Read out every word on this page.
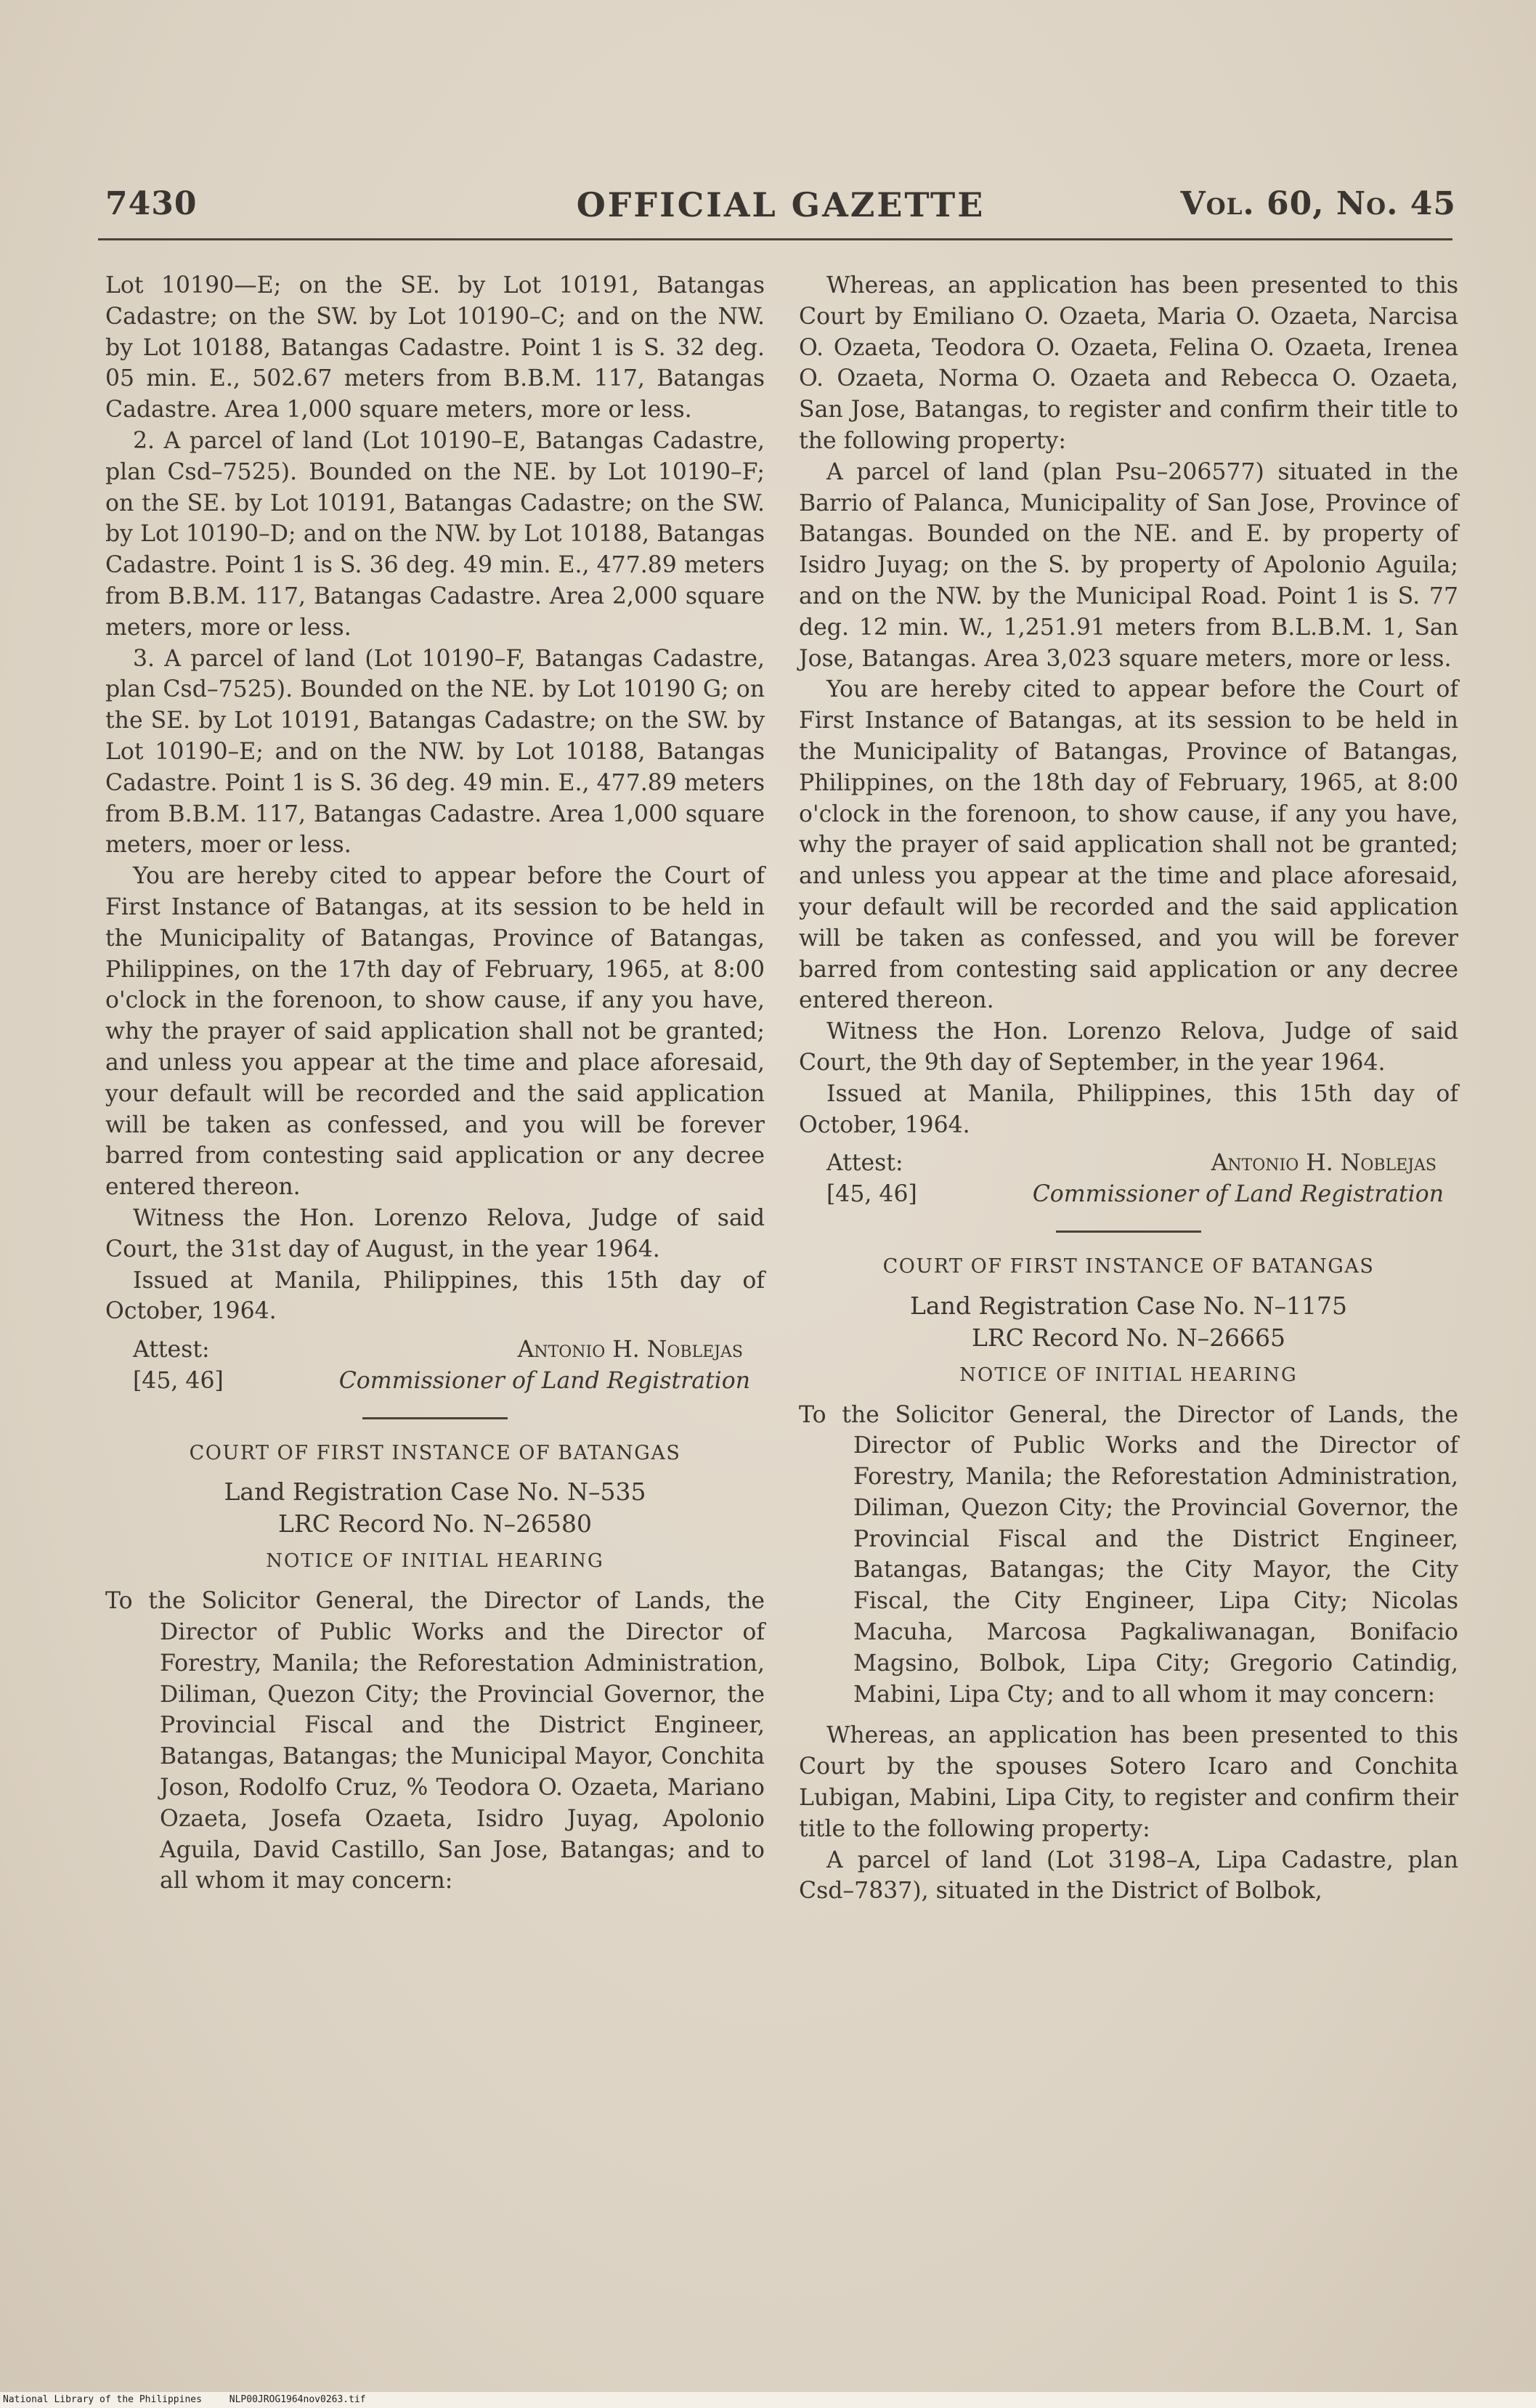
7430	OFFICIAL GAZETTE	Vol. 60, No. 45

Lot 10190—E; on the SE. by Lot 10191, Batangas Cadastre; on the SW. by Lot 10190–C; and on the NW. by Lot 10188, Batangas Cadastre. Point 1 is S. 32 deg. 05 min. E., 502.67 meters from B.B.M. 117, Batangas Cadastre. Area 1,000 square meters, more or less.

2. A parcel of land (Lot 10190–E, Batangas Cadastre, plan Csd–7525). Bounded on the NE. by Lot 10190–F; on the SE. by Lot 10191, Batangas Cadastre; on the SW. by Lot 10190–D; and on the NW. by Lot 10188, Batangas Cadastre. Point 1 is S. 36 deg. 49 min. E., 477.89 meters from B.B.M. 117, Batangas Cadastre. Area 2,000 square meters, more or less.

3. A parcel of land (Lot 10190–F, Batangas Cadastre, plan Csd–7525). Bounded on the NE. by Lot 10190 G; on the SE. by Lot 10191, Batangas Cadastre; on the SW. by Lot 10190–E; and on the NW. by Lot 10188, Batangas Cadastre. Point 1 is S. 36 deg. 49 min. E., 477.89 meters from B.B.M. 117, Batangas Cadastre. Area 1,000 square meters, moer or less.

You are hereby cited to appear before the Court of First Instance of Batangas, at its session to be held in the Municipality of Batangas, Province of Batangas, Philippines, on the 17th day of February, 1965, at 8:00 o'clock in the forenoon, to show cause, if any you have, why the prayer of said application shall not be granted; and unless you appear at the time and place aforesaid, your default will be recorded and the said application will be taken as confessed, and you will be forever barred from contesting said application or any decree entered thereon.

Witness the Hon. Lorenzo Relova, Judge of said Court, the 31st day of August, in the year 1964.

Issued at Manila, Philippines, this 15th day of October, 1964.

Attest:	Antonio H. Noblejas
[45, 46]	Commissioner of Land Registration

COURT OF FIRST INSTANCE OF BATANGAS

Land Registration Case No. N–535

LRC Record No. N–26580

NOTICE OF INITIAL HEARING

To the Solicitor General, the Director of Lands, the Director of Public Works and the Director of Forestry, Manila; the Reforestation Administration, Diliman, Quezon City; the Provincial Governor, the Provincial Fiscal and the District Engineer, Batangas, Batangas; the Municipal Mayor, Conchita Joson, Rodolfo Cruz, % Teodora O. Ozaeta, Mariano Ozaeta, Josefa Ozaeta, Isidro Juyag, Apolonio Aguila, David Castillo, San Jose, Batangas; and to all whom it may concern:

Whereas, an application has been presented to this Court by Emiliano O. Ozaeta, Maria O. Ozaeta, Narcisa O. Ozaeta, Teodora O. Ozaeta, Felina O. Ozaeta, Irenea O. Ozaeta, Norma O. Ozaeta and Rebecca O. Ozaeta, San Jose, Batangas, to register and confirm their title to the following property:

A parcel of land (plan Psu–206577) situated in the Barrio of Palanca, Municipality of San Jose, Province of Batangas. Bounded on the NE. and E. by property of Isidro Juyag; on the S. by property of Apolonio Aguila; and on the NW. by the Municipal Road. Point 1 is S. 77 deg. 12 min. W., 1,251.91 meters from B.L.B.M. 1, San Jose, Batangas. Area 3,023 square meters, more or less.

You are hereby cited to appear before the Court of First Instance of Batangas, at its session to be held in the Municipality of Batangas, Province of Batangas, Philippines, on the 18th day of February, 1965, at 8:00 o'clock in the forenoon, to show cause, if any you have, why the prayer of said application shall not be granted; and unless you appear at the time and place aforesaid, your default will be recorded and the said application will be taken as confessed, and you will be forever barred from contesting said application or any decree entered thereon.

Witness the Hon. Lorenzo Relova, Judge of said Court, the 9th day of September, in the year 1964.

Issued at Manila, Philippines, this 15th day of October, 1964.

Attest:	Antonio H. Noblejas
[45, 46]	Commissioner of Land Registration

COURT OF FIRST INSTANCE OF BATANGAS

Land Registration Case No. N–1175

LRC Record No. N–26665

NOTICE OF INITIAL HEARING

To the Solicitor General, the Director of Lands, the Director of Public Works and the Director of Forestry, Manila; the Reforestation Administration, Diliman, Quezon City; the Provincial Governor, the Provincial Fiscal and the District Engineer, Batangas, Batangas; the City Mayor, the City Fiscal, the City Engineer, Lipa City; Nicolas Macuha, Marcosa Pagkaliwanagan, Bonifacio Magsino, Bolbok, Lipa City; Gregorio Catindig, Mabini, Lipa Cty; and to all whom it may concern:

Whereas, an application has been presented to this Court by the spouses Sotero Icaro and Conchita Lubigan, Mabini, Lipa City, to register and confirm their title to the following property:

A parcel of land (Lot 3198–A, Lipa Cadastre, plan Csd–7837), situated in the District of Bolbok,

National Library of the Philippines	NLP00JROG1964nov0263.tif
